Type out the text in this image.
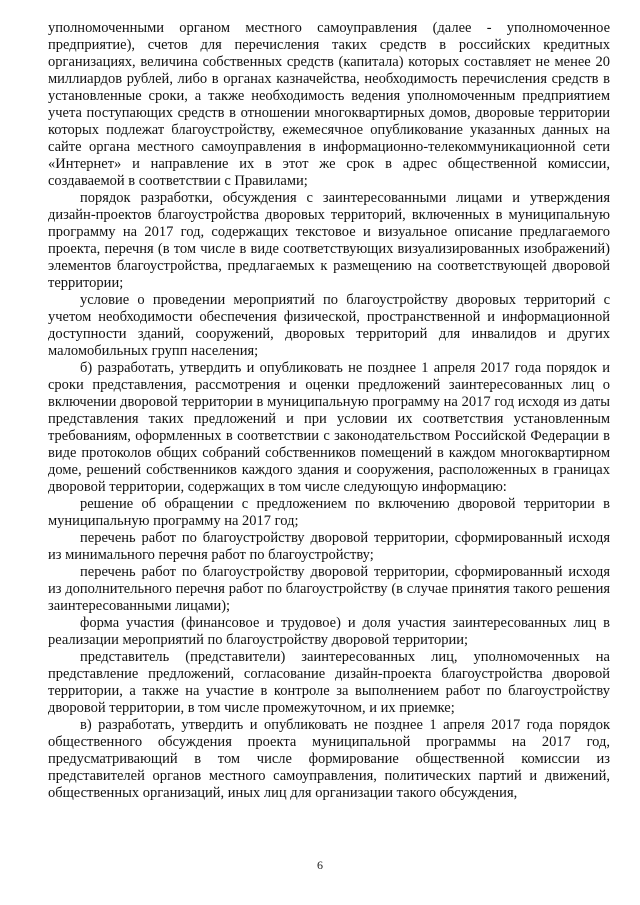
уполномоченными органом местного самоуправления (далее - уполномоченное предприятие), счетов для перечисления таких средств в российских кредитных организациях, величина собственных средств (капитала) которых составляет не менее 20 миллиардов рублей, либо в органах казначейства, необходимость перечисления средств в установленные сроки, а также необходимость ведения уполномоченным предприятием учета поступающих средств в отношении многоквартирных домов, дворовые территории которых подлежат благоустройству, ежемесячное опубликование указанных данных на сайте органа местного самоуправления в информационно-телекоммуникационной сети «Интернет» и направление их в этот же срок в адрес общественной комиссии, создаваемой в соответствии с Правилами;

порядок разработки, обсуждения с заинтересованными лицами и утверждения дизайн-проектов благоустройства дворовых территорий, включенных в муниципальную программу на 2017 год, содержащих текстовое и визуальное описание предлагаемого проекта, перечня (в том числе в виде соответствующих визуализированных изображений) элементов благоустройства, предлагаемых к размещению на соответствующей дворовой территории;

условие о проведении мероприятий по благоустройству дворовых территорий с учетом необходимости обеспечения физической, пространственной и информационной доступности зданий, сооружений, дворовых территорий для инвалидов и других маломобильных групп населения;

б) разработать, утвердить и опубликовать не позднее 1 апреля 2017 года порядок и сроки представления, рассмотрения и оценки предложений заинтересованных лиц о включении дворовой территории в муниципальную программу на 2017 год исходя из даты представления таких предложений и при условии их соответствия установленным требованиям, оформленных в соответствии с законодательством Российской Федерации в виде протоколов общих собраний собственников помещений в каждом многоквартирном доме, решений собственников каждого здания и сооружения, расположенных в границах дворовой территории, содержащих в том числе следующую информацию:

решение об обращении с предложением по включению дворовой территории в муниципальную программу на 2017 год;

перечень работ по благоустройству дворовой территории, сформированный исходя из минимального перечня работ по благоустройству;

перечень работ по благоустройству дворовой территории, сформированный исходя из дополнительного перечня работ по благоустройству (в случае принятия такого решения заинтересованными лицами);

форма участия (финансовое и трудовое) и доля участия заинтересованных лиц в реализации мероприятий по благоустройству дворовой территории;

представитель (представители) заинтересованных лиц, уполномоченных на представление предложений, согласование дизайн-проекта благоустройства дворовой территории, а также на участие в контроле за выполнением работ по благоустройству дворовой территории, в том числе промежуточном, и их приемке;

в) разработать, утвердить и опубликовать не позднее 1 апреля 2017 года порядок общественного обсуждения проекта муниципальной программы на 2017 год, предусматривающий в том числе формирование общественной комиссии из представителей органов местного самоуправления, политических партий и движений, общественных организаций, иных лиц для организации такого обсуждения,

6
